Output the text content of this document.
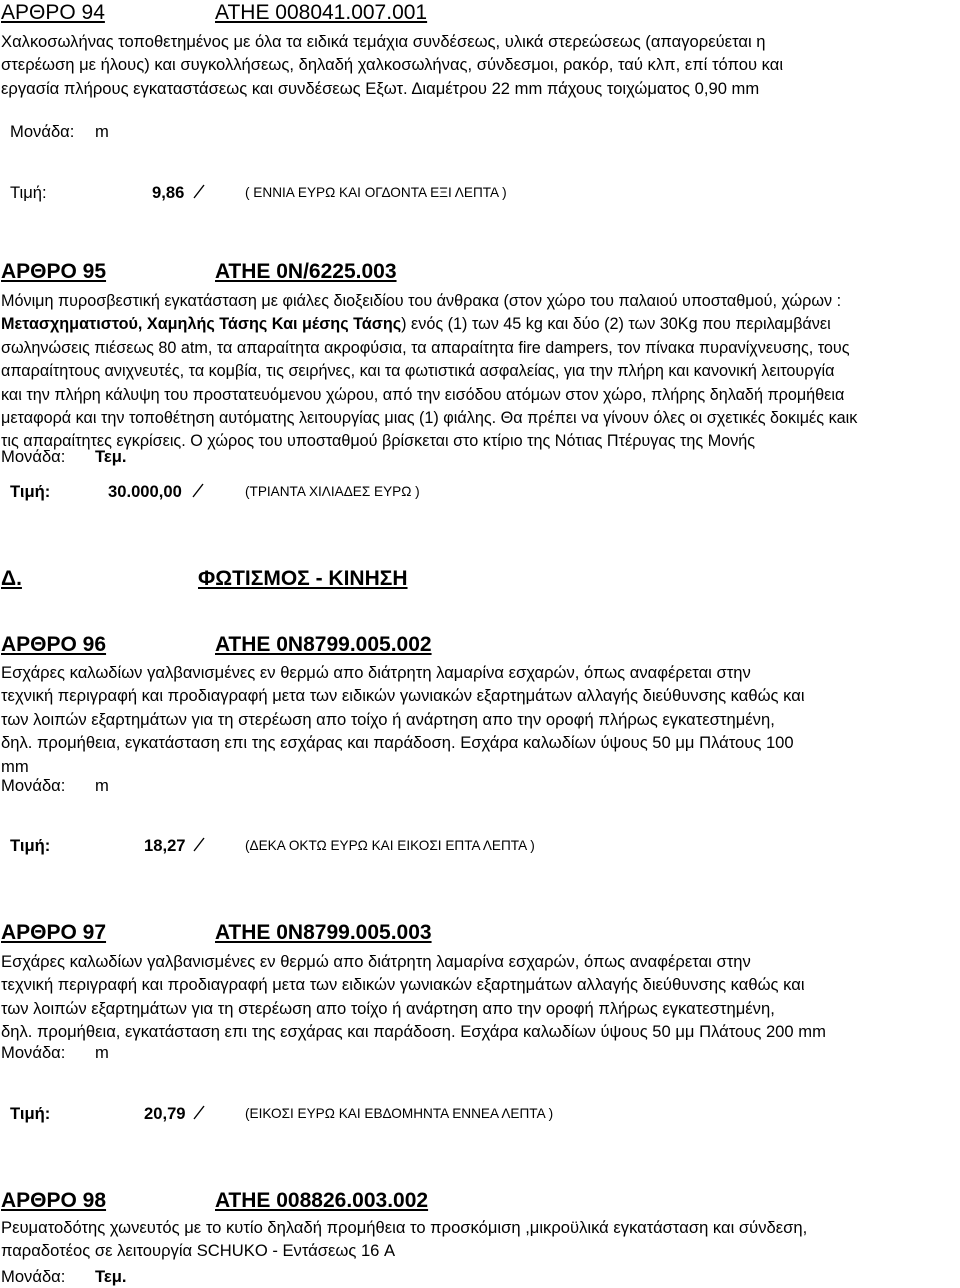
ΑΡΘΡΟ 94	ΑΤΗΕ 008041.007.001
Χαλκοσωλήνας τοποθετημένος με όλα τα ειδικά τεμάχια συνδέσεως, υλικά στερεώσεως (απαγορεύεται η
στερέωση με ήλους) και συγκολλήσεως, δηλαδή χαλκοσωλήνας, σύνδεσμοι, ρακόρ, ταύ κλπ, επί τόπου και
εργασία πλήρους εγκαταστάσεως και συνδέσεως Εξωτ. Διαμέτρου 22 mm πάχους τοιχώματος 0,90 mm
Μονάδα: m
Τιμή:	9,86	( ΕΝΝΙΑ ΕΥΡΩ ΚΑΙ ΟΓΔΟΝΤΑ ΕΞΙ ΛΕΠΤΑ )
ΑΡΘΡΟ 95	ΑΤΗΕ 0Ν/6225.003
Μόνιμη πυροσβεστική εγκατάσταση με φιάλες διοξειδίου του άνθρακα (στον χώρο του παλαιού υποσταθμού, χώρων :
Μετασχηματιστού, Χαμηλής Τάσης Και μέσης Τάσης) ενός (1) των 45 kg και δύο (2) των 30Kg που περιλαμβάνει
σωληνώσεις πιέσεως 80 atm, τα απαραίτητα ακροφύσια, τα απαραίτητα fire dampers, τον πίνακα πυρανίχνευσης, τους
απαραίτητους ανιχνευτές, τα κομβία, τις σειρήνες, και τα φωτιστικά ασφαλείας, για την πλήρη και κανονική λειτουργία
και την πλήρη κάλυψη του προστατευόμενου χώρου, από την εισόδου ατόμων στον χώρο, πλήρης δηλαδή προμήθεια
μεταφορά και την τοποθέτηση αυτόματης λειτουργίας μιας (1) φιάλης. Θα πρέπει να γίνουν όλες οι σχετικές δοκιμές κaικ
τις απαραίτητες εγκρίσεις. Ο χώρος του υποσταθμού βρίσκεται στο κτίριο της Νότιας Πτέρυγας της Μονής
Μονάδα: Τεμ.
Τιμή:	30.000,00	(ΤΡΙΑΝΤΑ ΧΙΛΙΑΔΕΣ ΕΥΡΩ )
Δ.	ΦΩΤΙΣΜΟΣ - ΚΙΝΗΣΗ
ΑΡΘΡΟ 96	ΑΤΗΕ 0Ν8799.005.002
Εσχάρες καλωδίων γαλβανισμένες εν θερμώ απο διάτρητη λαμαρίνα εσχαρών, όπως αναφέρεται στην
τεχνική περιγραφή και προδιαγραφή μετα των ειδικών γωνιακών εξαρτημάτων αλλαγής διεύθυνσης καθώς και
των λοιπών εξαρτημάτων για τη στερέωση απο τοίχο ή ανάρτηση απο την οροφή πλήρως εγκατεστημένη,
δηλ. προμήθεια, εγκατάσταση επι της εσχάρας και παράδοση. Εσχάρα καλωδίων ύψους 50 μμ Πλάτους 100
mm
Μονάδα: m
Τιμή:	18,27	(ΔΕΚΑ ΟΚΤΩ ΕΥΡΩ ΚΑΙ ΕΙΚΟΣΙ ΕΠΤΑ ΛΕΠΤΑ )
ΑΡΘΡΟ 97	ΑΤΗΕ 0Ν8799.005.003
Εσχάρες καλωδίων γαλβανισμένες εν θερμώ απο διάτρητη λαμαρίνα εσχαρών, όπως αναφέρεται στην
τεχνική περιγραφή και προδιαγραφή μετα των ειδικών γωνιακών εξαρτημάτων αλλαγής διεύθυνσης καθώς και
των λοιπών εξαρτημάτων για τη στερέωση απο τοίχο ή ανάρτηση απο την οροφή πλήρως εγκατεστημένη,
δηλ. προμήθεια, εγκατάσταση επι της εσχάρας και παράδοση. Εσχάρα καλωδίων ύψους 50 μμ Πλάτους 200 mm
Μονάδα: m
Τιμή:	20,79	(ΕΙΚΟΣΙ ΕΥΡΩ ΚΑΙ ΕΒΔΟΜΗΝΤΑ ΕΝΝΕΑ ΛΕΠΤΑ )
ΑΡΘΡΟ 98	ΑΤΗΕ 008826.003.002
Ρευματοδότης χωνευτός με το κυτίο δηλαδή προμήθεια το προσκόμιση ,μικροϋλικά εγκατάσταση και σύνδεση,
παραδοτέος σε λειτουργία SCHUKO - Εντάσεως 16 A
Μονάδα: Τεμ.
